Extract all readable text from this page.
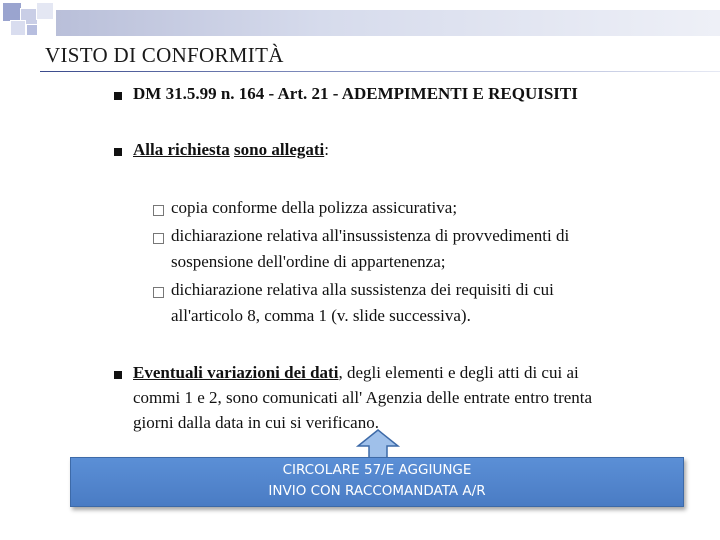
VISTO DI CONFORMITÀ
DM 31.5.99 n. 164 - Art. 21 - ADEMPIMENTI E REQUISITI
Alla richiesta sono allegati:
copia conforme della polizza assicurativa;
dichiarazione relativa all'insussistenza di provvedimenti di
sospensione dell'ordine di appartenenza;
dichiarazione relativa alla sussistenza dei requisiti di cui
all'articolo 8, comma 1 (v. slide successiva).
Eventuali variazioni dei dati, degli elementi e degli atti di cui ai
commi 1 e 2, sono comunicati all' Agenzia delle entrate entro trenta
giorni dalla data in cui si verificano.
CIRCOLARE 57/E AGGIUNGE
INVIO CON RACCOMANDATA A/R
